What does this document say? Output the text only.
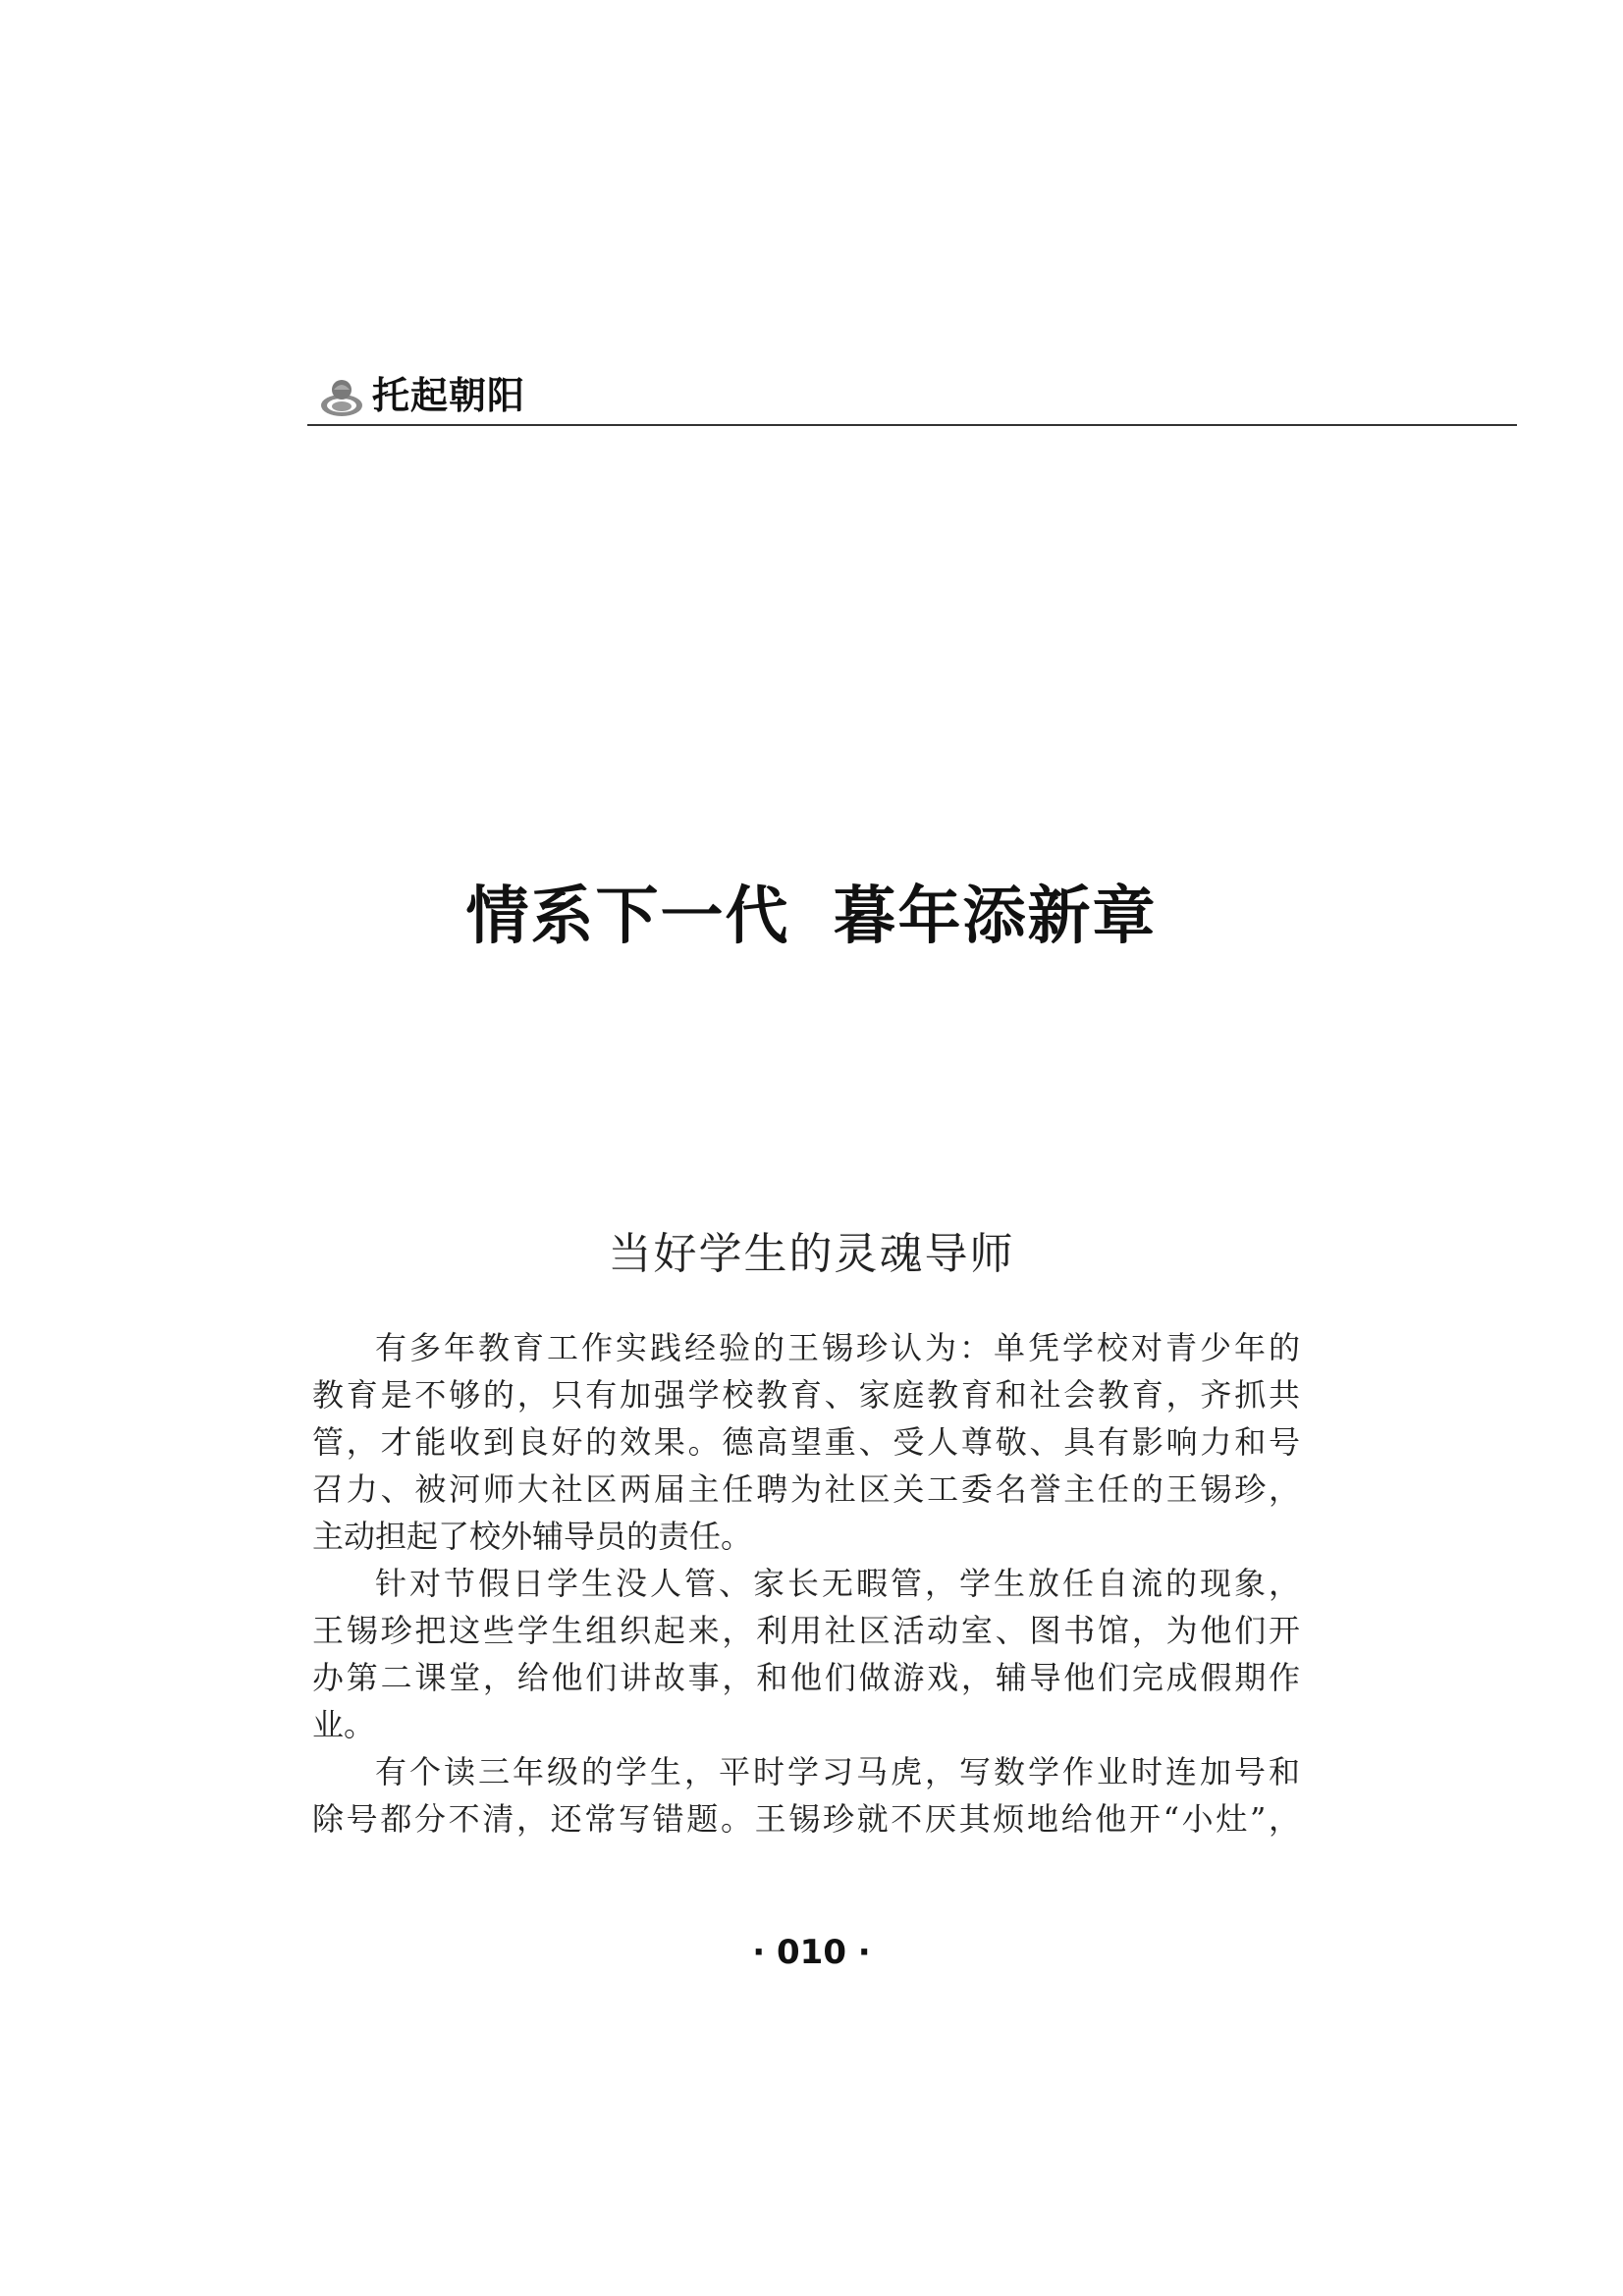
托起朝阳
情系下一代 暮年添新章
当好学生的灵魂导师
有多年教育工作实践经验的王锡珍认为：单凭学校对青少年的
教育是不够的，只有加强学校教育、家庭教育和社会教育，齐抓共
管，才能收到良好的效果。德高望重、受人尊敬、具有影响力和号
召力、被河师大社区两届主任聘为社区关工委名誉主任的王锡珍，
主动担起了校外辅导员的责任。
针对节假日学生没人管、家长无暇管，学生放任自流的现象，
王锡珍把这些学生组织起来，利用社区活动室、图书馆，为他们开
办第二课堂，给他们讲故事，和他们做游戏，辅导他们完成假期作
业。
有个读三年级的学生，平时学习马虎，写数学作业时连加号和
除号都分不清，还常写错题。王锡珍就不厌其烦地给他开“小灶”，
· 010 ·
